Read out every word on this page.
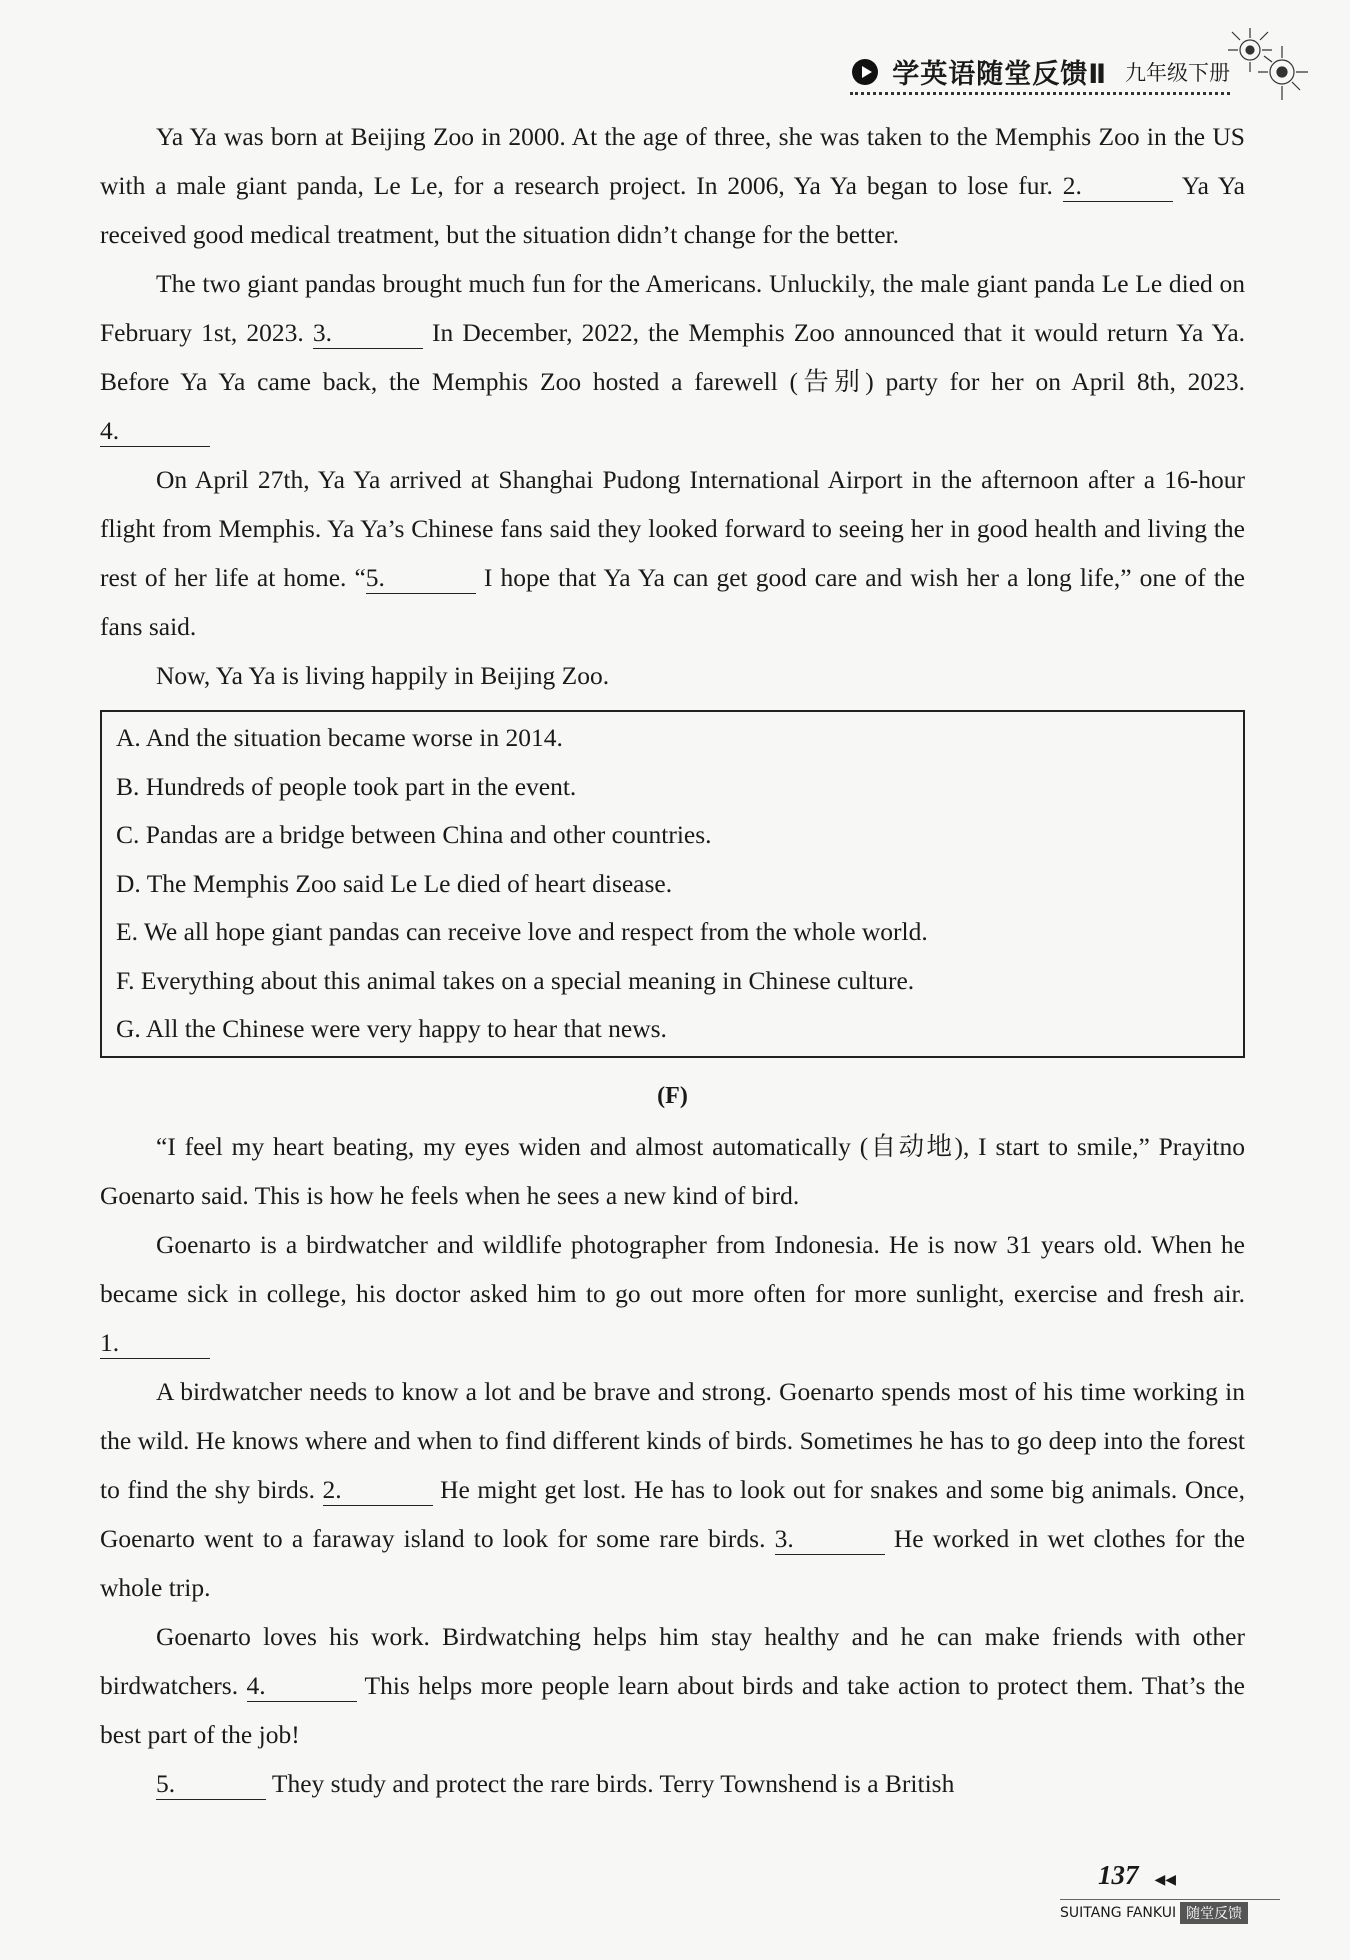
学英语随堂反馈Ⅱ 九年级下册

Ya Ya was born at Beijing Zoo in 2000. At the age of three, she was taken to the Memphis Zoo in the US with a male giant panda, Le Le, for a research project. In 2006, Ya Ya began to lose fur. 2.	Ya Ya received good medical treatment, but the situation didn’t change for the better.

The two giant pandas brought much fun for the Americans. Unluckily, the male giant panda Le Le died on February 1st, 2023. 3.	In December, 2022, the Memphis Zoo announced that it would return Ya Ya. Before Ya Ya came back, the Memphis Zoo hosted a farewell (告别) party for her on April 8th, 2023. 4.

On April 27th, Ya Ya arrived at Shanghai Pudong International Airport in the afternoon after a 16-hour flight from Memphis. Ya Ya’s Chinese fans said they looked forward to seeing her in good health and living the rest of her life at home. “5.	I hope that Ya Ya can get good care and wish her a long life,” one of the fans said.

Now, Ya Ya is living happily in Beijing Zoo.

A. And the situation became worse in 2014.
B. Hundreds of people took part in the event.
C. Pandas are a bridge between China and other countries.
D. The Memphis Zoo said Le Le died of heart disease.
E. We all hope giant pandas can receive love and respect from the whole world.
F. Everything about this animal takes on a special meaning in Chinese culture.
G. All the Chinese were very happy to hear that news.
(F)

“I feel my heart beating, my eyes widen and almost automatically (自动地), I start to smile,” Prayitno Goenarto said. This is how he feels when he sees a new kind of bird.

Goenarto is a birdwatcher and wildlife photographer from Indonesia. He is now 31 years old. When he became sick in college, his doctor asked him to go out more often for more sunlight, exercise and fresh air. 1.

A birdwatcher needs to know a lot and be brave and strong. Goenarto spends most of his time working in the wild. He knows where and when to find different kinds of birds. Sometimes he has to go deep into the forest to find the shy birds. 2.	He might get lost. He has to look out for snakes and some big animals. Once, Goenarto went to a faraway island to look for some rare birds. 3.	He worked in wet clothes for the whole trip.

Goenarto loves his work. Birdwatching helps him stay healthy and he can make friends with other birdwatchers. 4.	This helps more people learn about birds and take action to protect them. That’s the best part of the job!

5.	They study and protect the rare birds. Terry Townshend is a British

137 ◀◀
SUITANG FANKUI 随堂反馈
